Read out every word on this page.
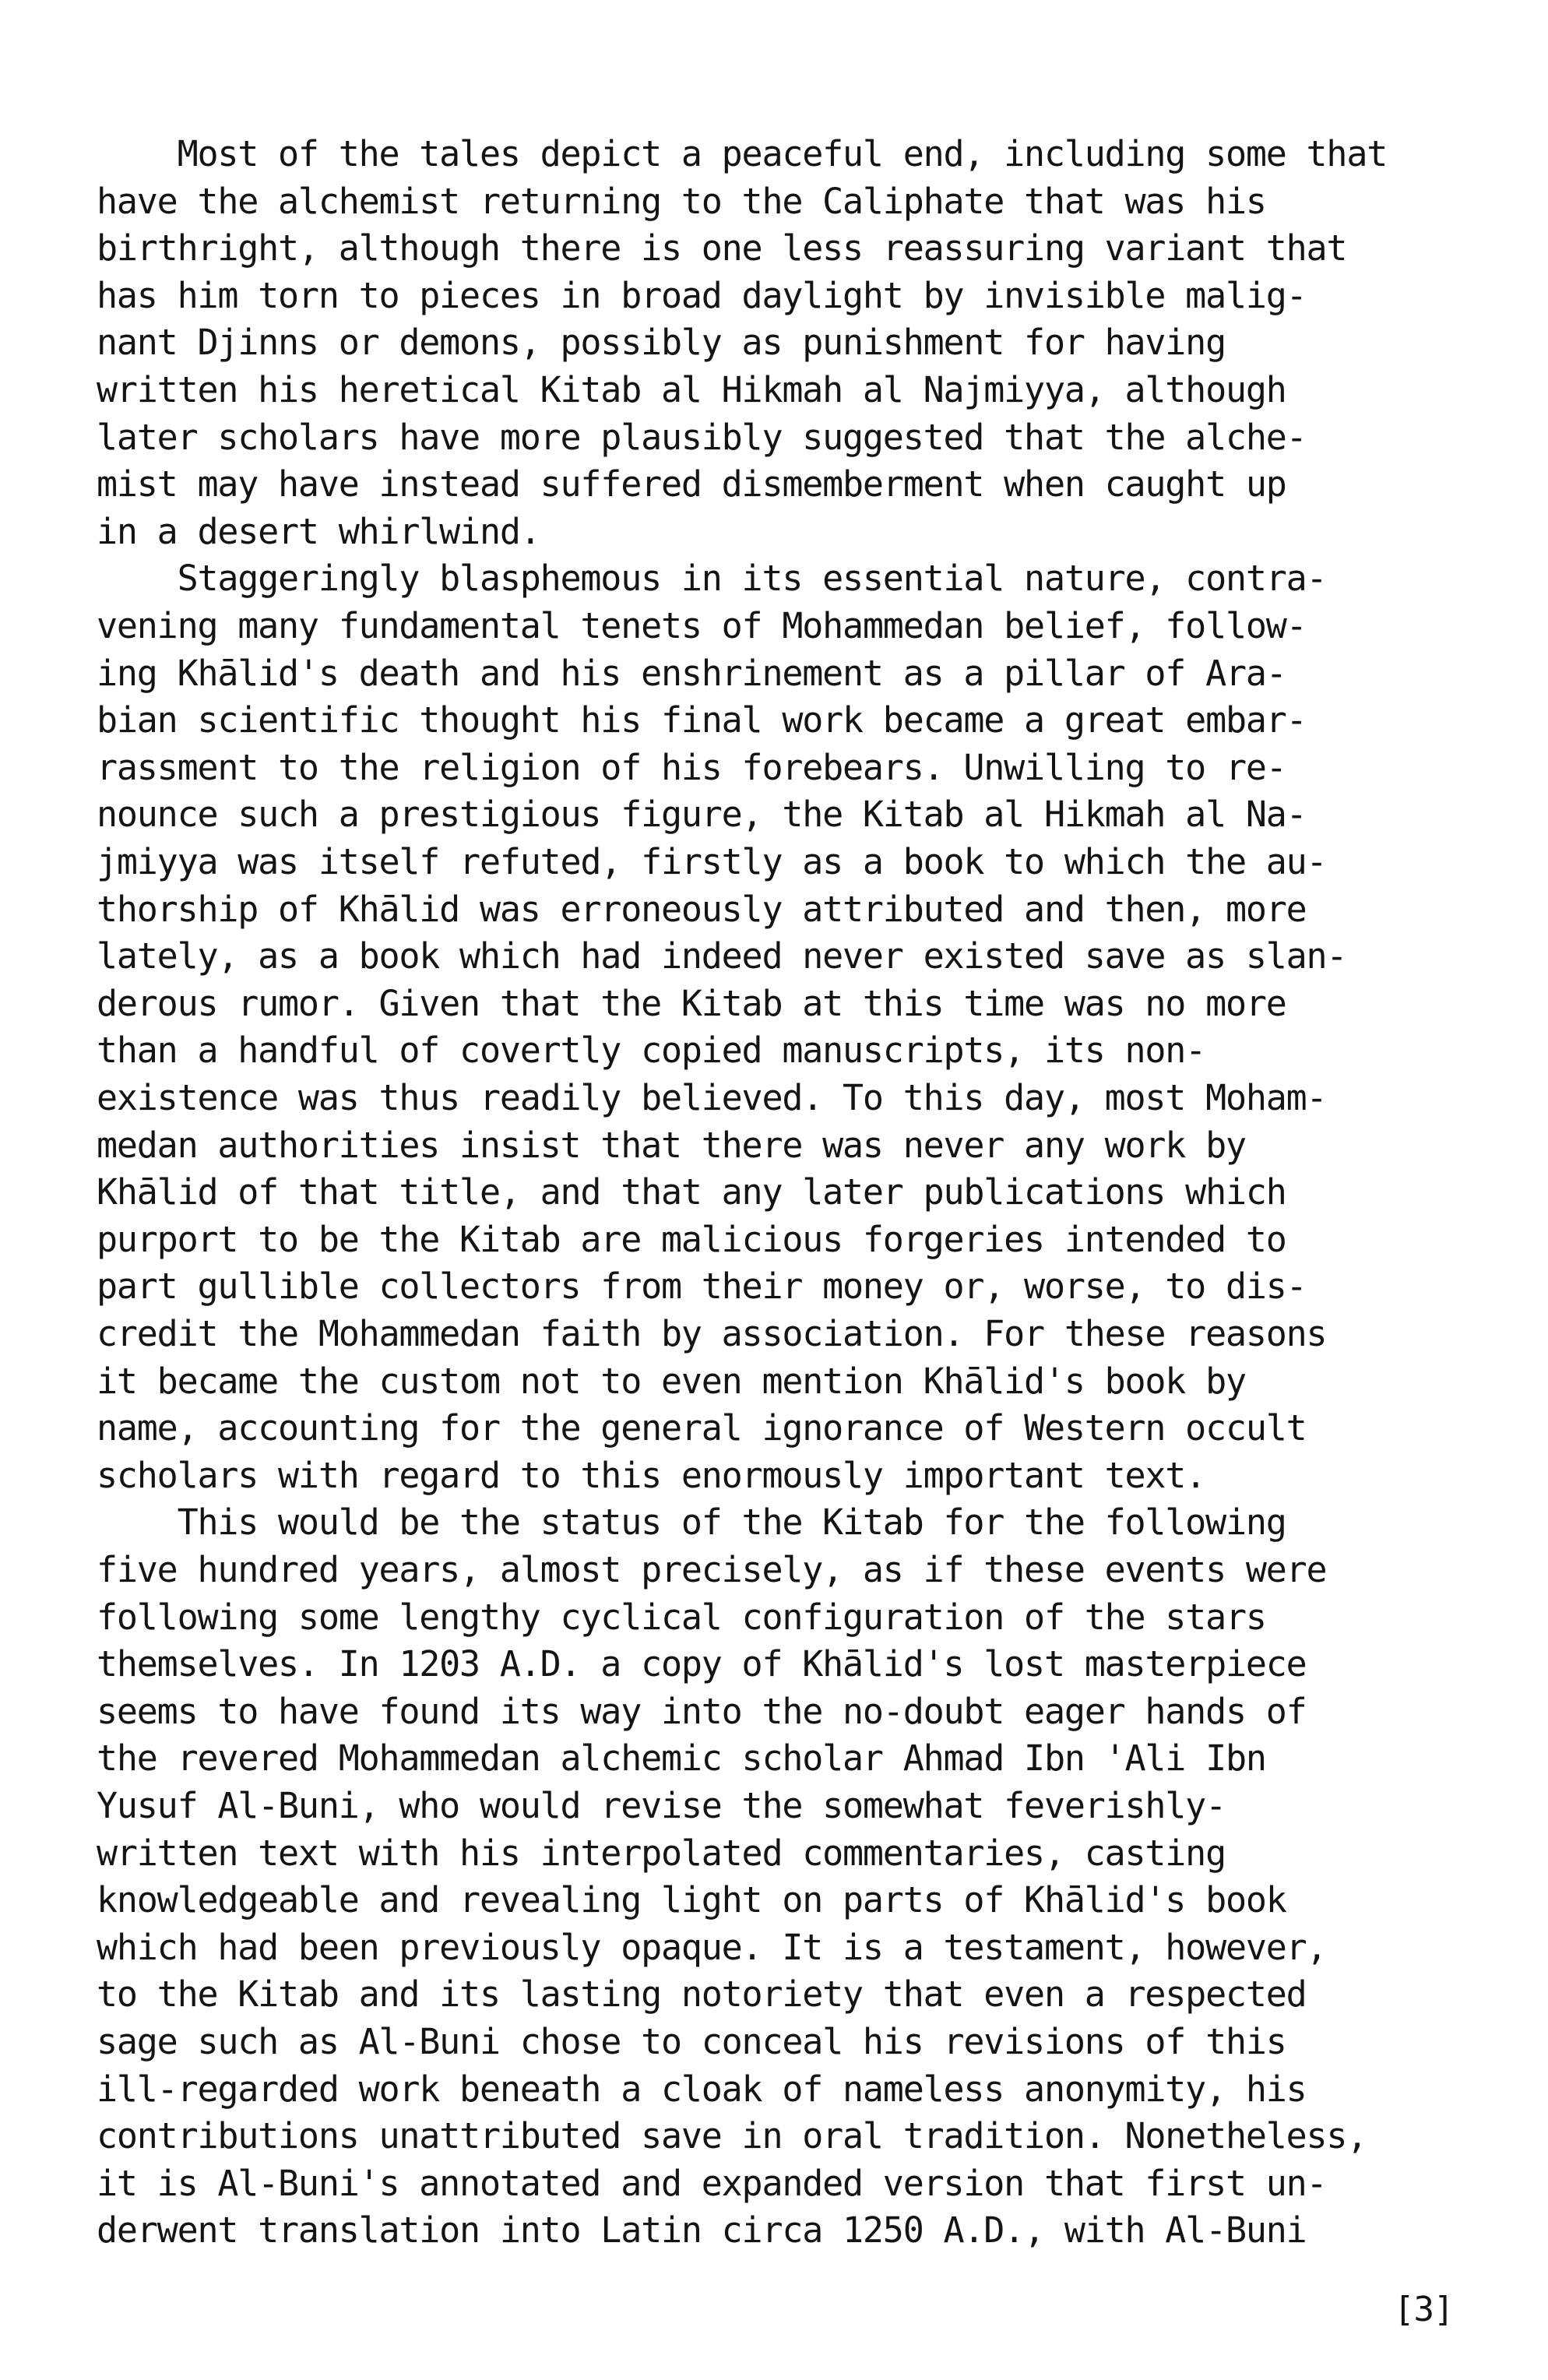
Most of the tales depict a peaceful end, including some that

have the alchemist returning to the Caliphate that was his

birthright, although there is one less reassuring variant that

has him torn to pieces in broad daylight by invisible malig-

nant Djinns or demons, possibly as punishment for having

written his heretical Kitab al Hikmah al Najmiyya, although

later scholars have more plausibly suggested that the alche-

mist may have instead suffered dismemberment when caught up

in a desert whirlwind.

Staggeringly blasphemous in its essential nature, contra-

vening many fundamental tenets of Mohammedan belief, follow-

ing Khālid's death and his enshrinement as a pillar of Ara-

bian scientific thought his final work became a great embar-

rassment to the religion of his forebears. Unwilling to re-

nounce such a prestigious figure, the Kitab al Hikmah al Na-

jmiyya was itself refuted, firstly as a book to which the au-

thorship of Khālid was erroneously attributed and then, more

lately, as a book which had indeed never existed save as slan-

derous rumor. Given that the Kitab at this time was no more

than a handful of covertly copied manuscripts, its non-

existence was thus readily believed. To this day, most Moham-

medan authorities insist that there was never any work by

Khālid of that title, and that any later publications which

purport to be the Kitab are malicious forgeries intended to

part gullible collectors from their money or, worse, to dis-

credit the Mohammedan faith by association. For these reasons

it became the custom not to even mention Khālid's book by

name, accounting for the general ignorance of Western occult

scholars with regard to this enormously important text.

This would be the status of the Kitab for the following

five hundred years, almost precisely, as if these events were

following some lengthy cyclical configuration of the stars

themselves. In 1203 A.D. a copy of Khālid's lost masterpiece

seems to have found its way into the no-doubt eager hands of

the revered Mohammedan alchemic scholar Ahmad Ibn 'Ali Ibn

Yusuf Al-Buni, who would revise the somewhat feverishly-

written text with his interpolated commentaries, casting

knowledgeable and revealing light on parts of Khālid's book

which had been previously opaque. It is a testament, however,

to the Kitab and its lasting notoriety that even a respected

sage such as Al-Buni chose to conceal his revisions of this

ill-regarded work beneath a cloak of nameless anonymity, his

contributions unattributed save in oral tradition. Nonetheless,

it is Al-Buni's annotated and expanded version that first un-

derwent translation into Latin circa 1250 A.D., with Al-Buni

[3]
